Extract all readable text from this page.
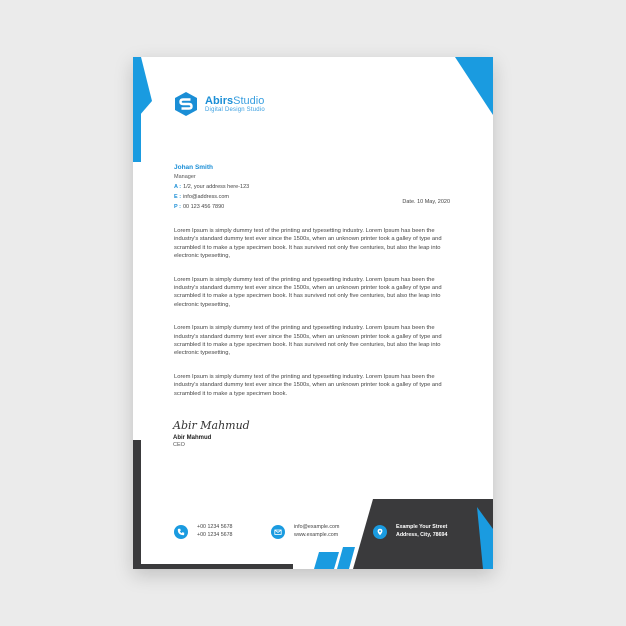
AbirsStudio
Digital Design Studio
Johan Smith
Manager
A : 1/2, your address here-123
E : info@address.com
P : 00 123 456 7890
Date. 10 May, 2020

Lorem Ipsum is simply dummy text of the printing and typesetting industry. Lorem Ipsum has been the industry's standard dummy text ever since the 1500s, when an unknown printer took a galley of type and scrambled it to make a type specimen book. It has survived not only five centuries, but also the leap into electronic typesetting,

Lorem Ipsum is simply dummy text of the printing and typesetting industry. Lorem Ipsum has been the industry's standard dummy text ever since the 1500s, when an unknown printer took a galley of type and scrambled it to make a type specimen book. It has survived not only five centuries, but also the leap into electronic typesetting,

Lorem Ipsum is simply dummy text of the printing and typesetting industry. Lorem Ipsum has been the industry's standard dummy text ever since the 1500s, when an unknown printer took a galley of type and scrambled it to make a type specimen book. It has survived not only five centuries, but also the leap into electronic typesetting,

Lorem Ipsum is simply dummy text of the printing and typesetting industry. Lorem Ipsum has been the industry's standard dummy text ever since the 1500s, when an unknown printer took a galley of type and scrambled it to make a type specimen book.

Abir Mahmud
Abir Mahmud
CEO
+00 1234 5678
+00 1234 5678
info@example.com
www.example.com
Example Your Street
Address, City, 78694
